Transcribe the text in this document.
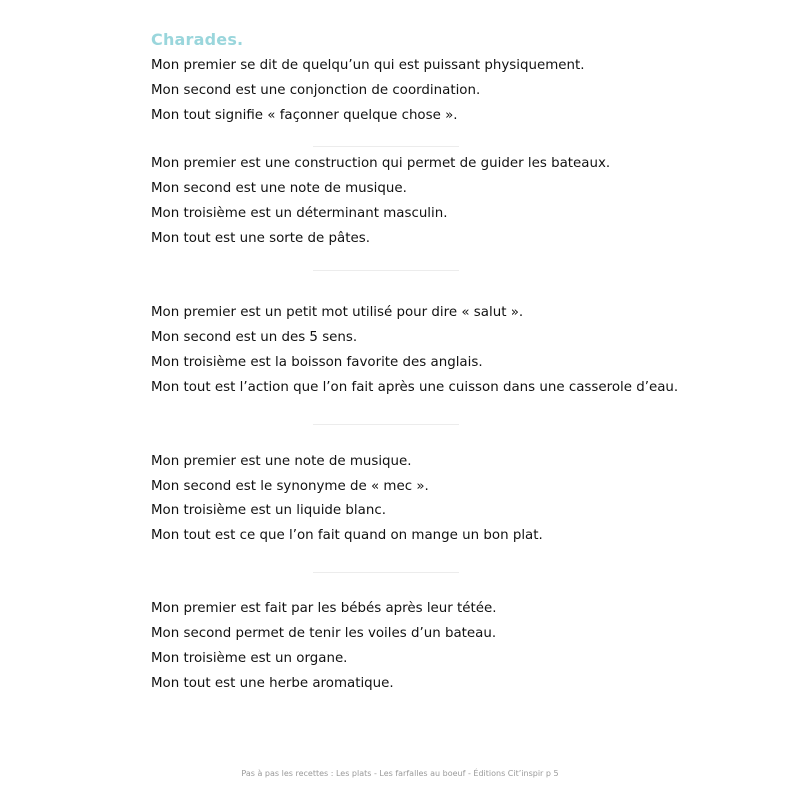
Charades.
Mon premier se dit de quelqu’un qui est puissant physiquement.
Mon second est une conjonction de coordination.
Mon tout signifie « façonner quelque chose ».
Mon premier est une construction qui permet de guider les bateaux.
Mon second est une note de musique.
Mon troisième est un déterminant masculin.
Mon tout est une sorte de pâtes.
Mon premier est un petit mot utilisé pour dire « salut ».
Mon second est un des 5 sens.
Mon troisième est la boisson favorite des anglais.
Mon tout est l’action que l’on fait après une cuisson dans une casserole d’eau.
Mon premier est une note de musique.
Mon second est le synonyme de « mec ».
Mon troisième est un liquide blanc.
Mon tout est ce que l’on fait quand on mange un bon plat.
Mon premier est fait par les bébés après leur tétée.
Mon second permet de tenir les voiles d’un bateau.
Mon troisième est un organe.
Mon tout est une herbe aromatique.
Pas à pas les recettes : Les plats - Les farfalles au boeuf - Éditions Cit’inspir p 5
